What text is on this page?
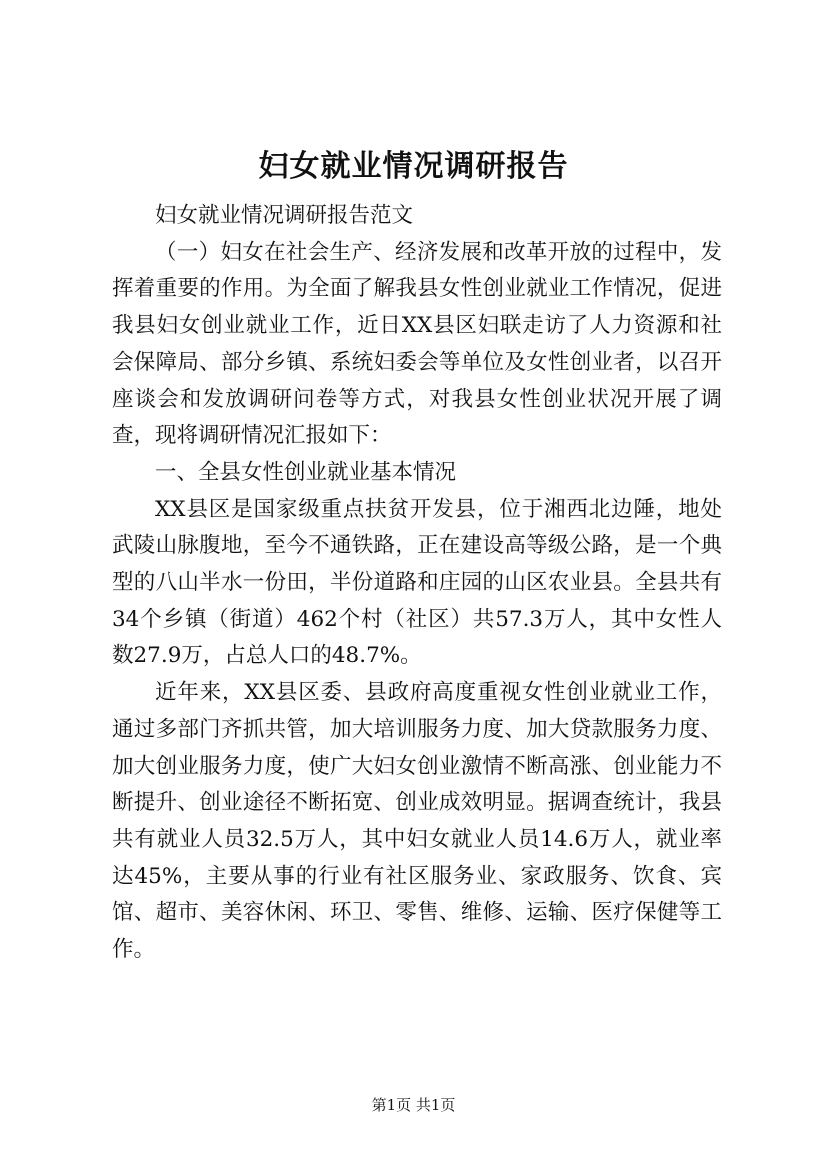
妇女就业情况调研报告

妇女就业情况调研报告范文

（一）妇女在社会生产、经济发展和改革开放的过程中，发挥着重要的作用。为全面了解我县女性创业就业工作情况，促进我县妇女创业就业工作，近日XX县区妇联走访了人力资源和社会保障局、部分乡镇、系统妇委会等单位及女性创业者，以召开座谈会和发放调研问卷等方式，对我县女性创业状况开展了调查，现将调研情况汇报如下：

一、全县女性创业就业基本情况

XX县区是国家级重点扶贫开发县，位于湘西北边陲，地处武陵山脉腹地，至今不通铁路，正在建设高等级公路，是一个典型的八山半水一份田，半份道路和庄园的山区农业县。全县共有34个乡镇（街道）462个村（社区）共57.3万人，其中女性人数27.9万，占总人口的48.7%。

近年来，XX县区委、县政府高度重视女性创业就业工作，通过多部门齐抓共管，加大培训服务力度、加大贷款服务力度、加大创业服务力度，使广大妇女创业激情不断高涨、创业能力不断提升、创业途径不断拓宽、创业成效明显。据调查统计，我县共有就业人员32.5万人，其中妇女就业人员14.6万人，就业率达45%，主要从事的行业有社区服务业、家政服务、饮食、宾馆、超市、美容休闲、环卫、零售、维修、运输、医疗保健等工作。

第1页 共1页
